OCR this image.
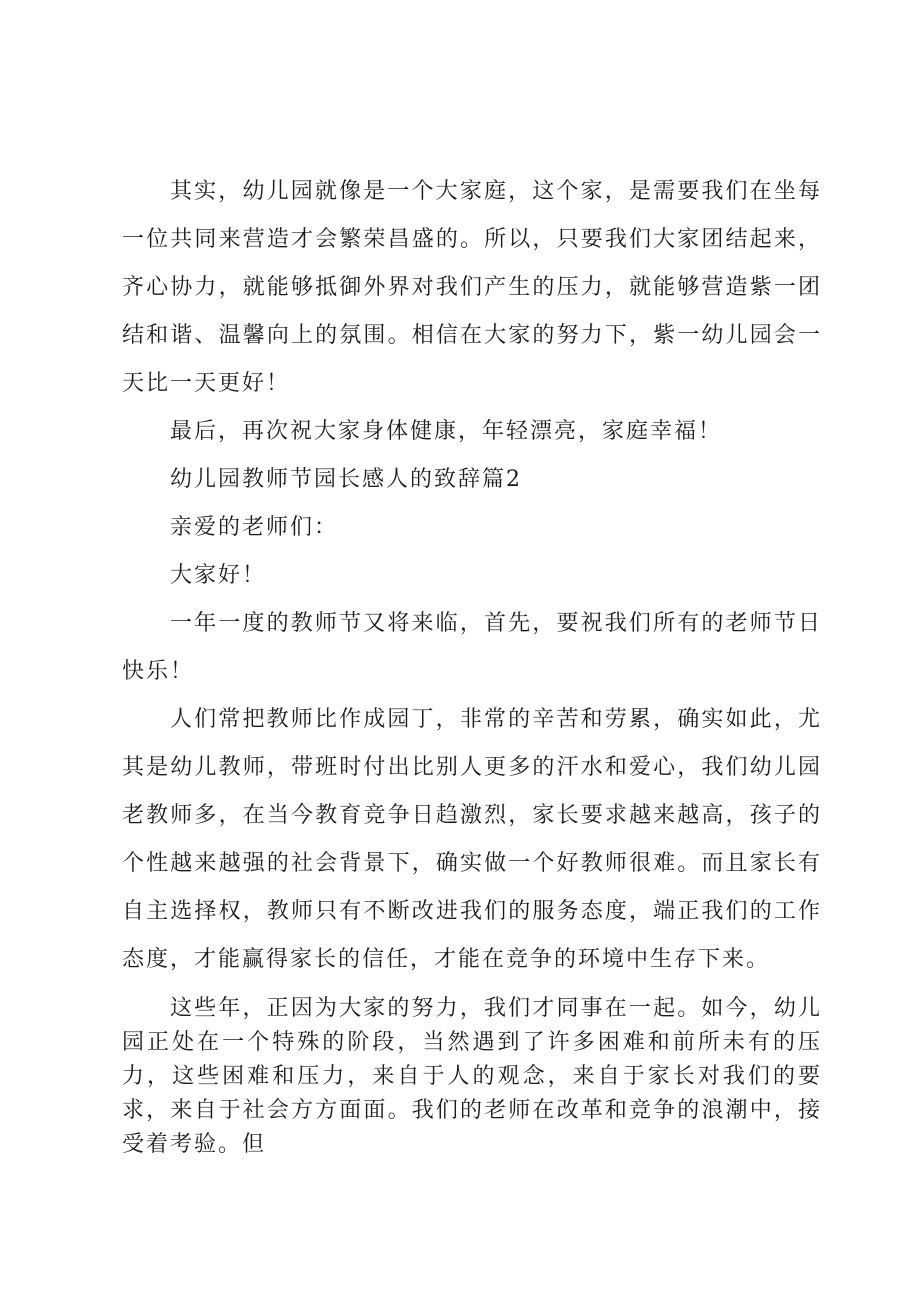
其实，幼儿园就像是一个大家庭，这个家，是需要我们在坐每一位共同来营造才会繁荣昌盛的。所以，只要我们大家团结起来，齐心协力，就能够抵御外界对我们产生的压力，就能够营造紫一团结和谐、温馨向上的氛围。相信在大家的努力下，紫一幼儿园会一天比一天更好！

最后，再次祝大家身体健康，年轻漂亮，家庭幸福！

幼儿园教师节园长感人的致辞篇2

亲爱的老师们：

大家好！

一年一度的教师节又将来临，首先，要祝我们所有的老师节日快乐！

人们常把教师比作成园丁，非常的辛苦和劳累，确实如此，尤其是幼儿教师，带班时付出比别人更多的汗水和爱心，我们幼儿园老教师多，在当今教育竞争日趋激烈，家长要求越来越高，孩子的个性越来越强的社会背景下，确实做一个好教师很难。而且家长有自主选择权，教师只有不断改进我们的服务态度，端正我们的工作态度，才能赢得家长的信任，才能在竞争的环境中生存下来。

这些年，正因为大家的努力，我们才同事在一起。如今，幼儿园正处在一个特殊的阶段，当然遇到了许多困难和前所未有的压力，这些困难和压力，来自于人的观念，来自于家长对我们的要求，来自于社会方方面面。我们的老师在改革和竞争的浪潮中，接受着考验。但
